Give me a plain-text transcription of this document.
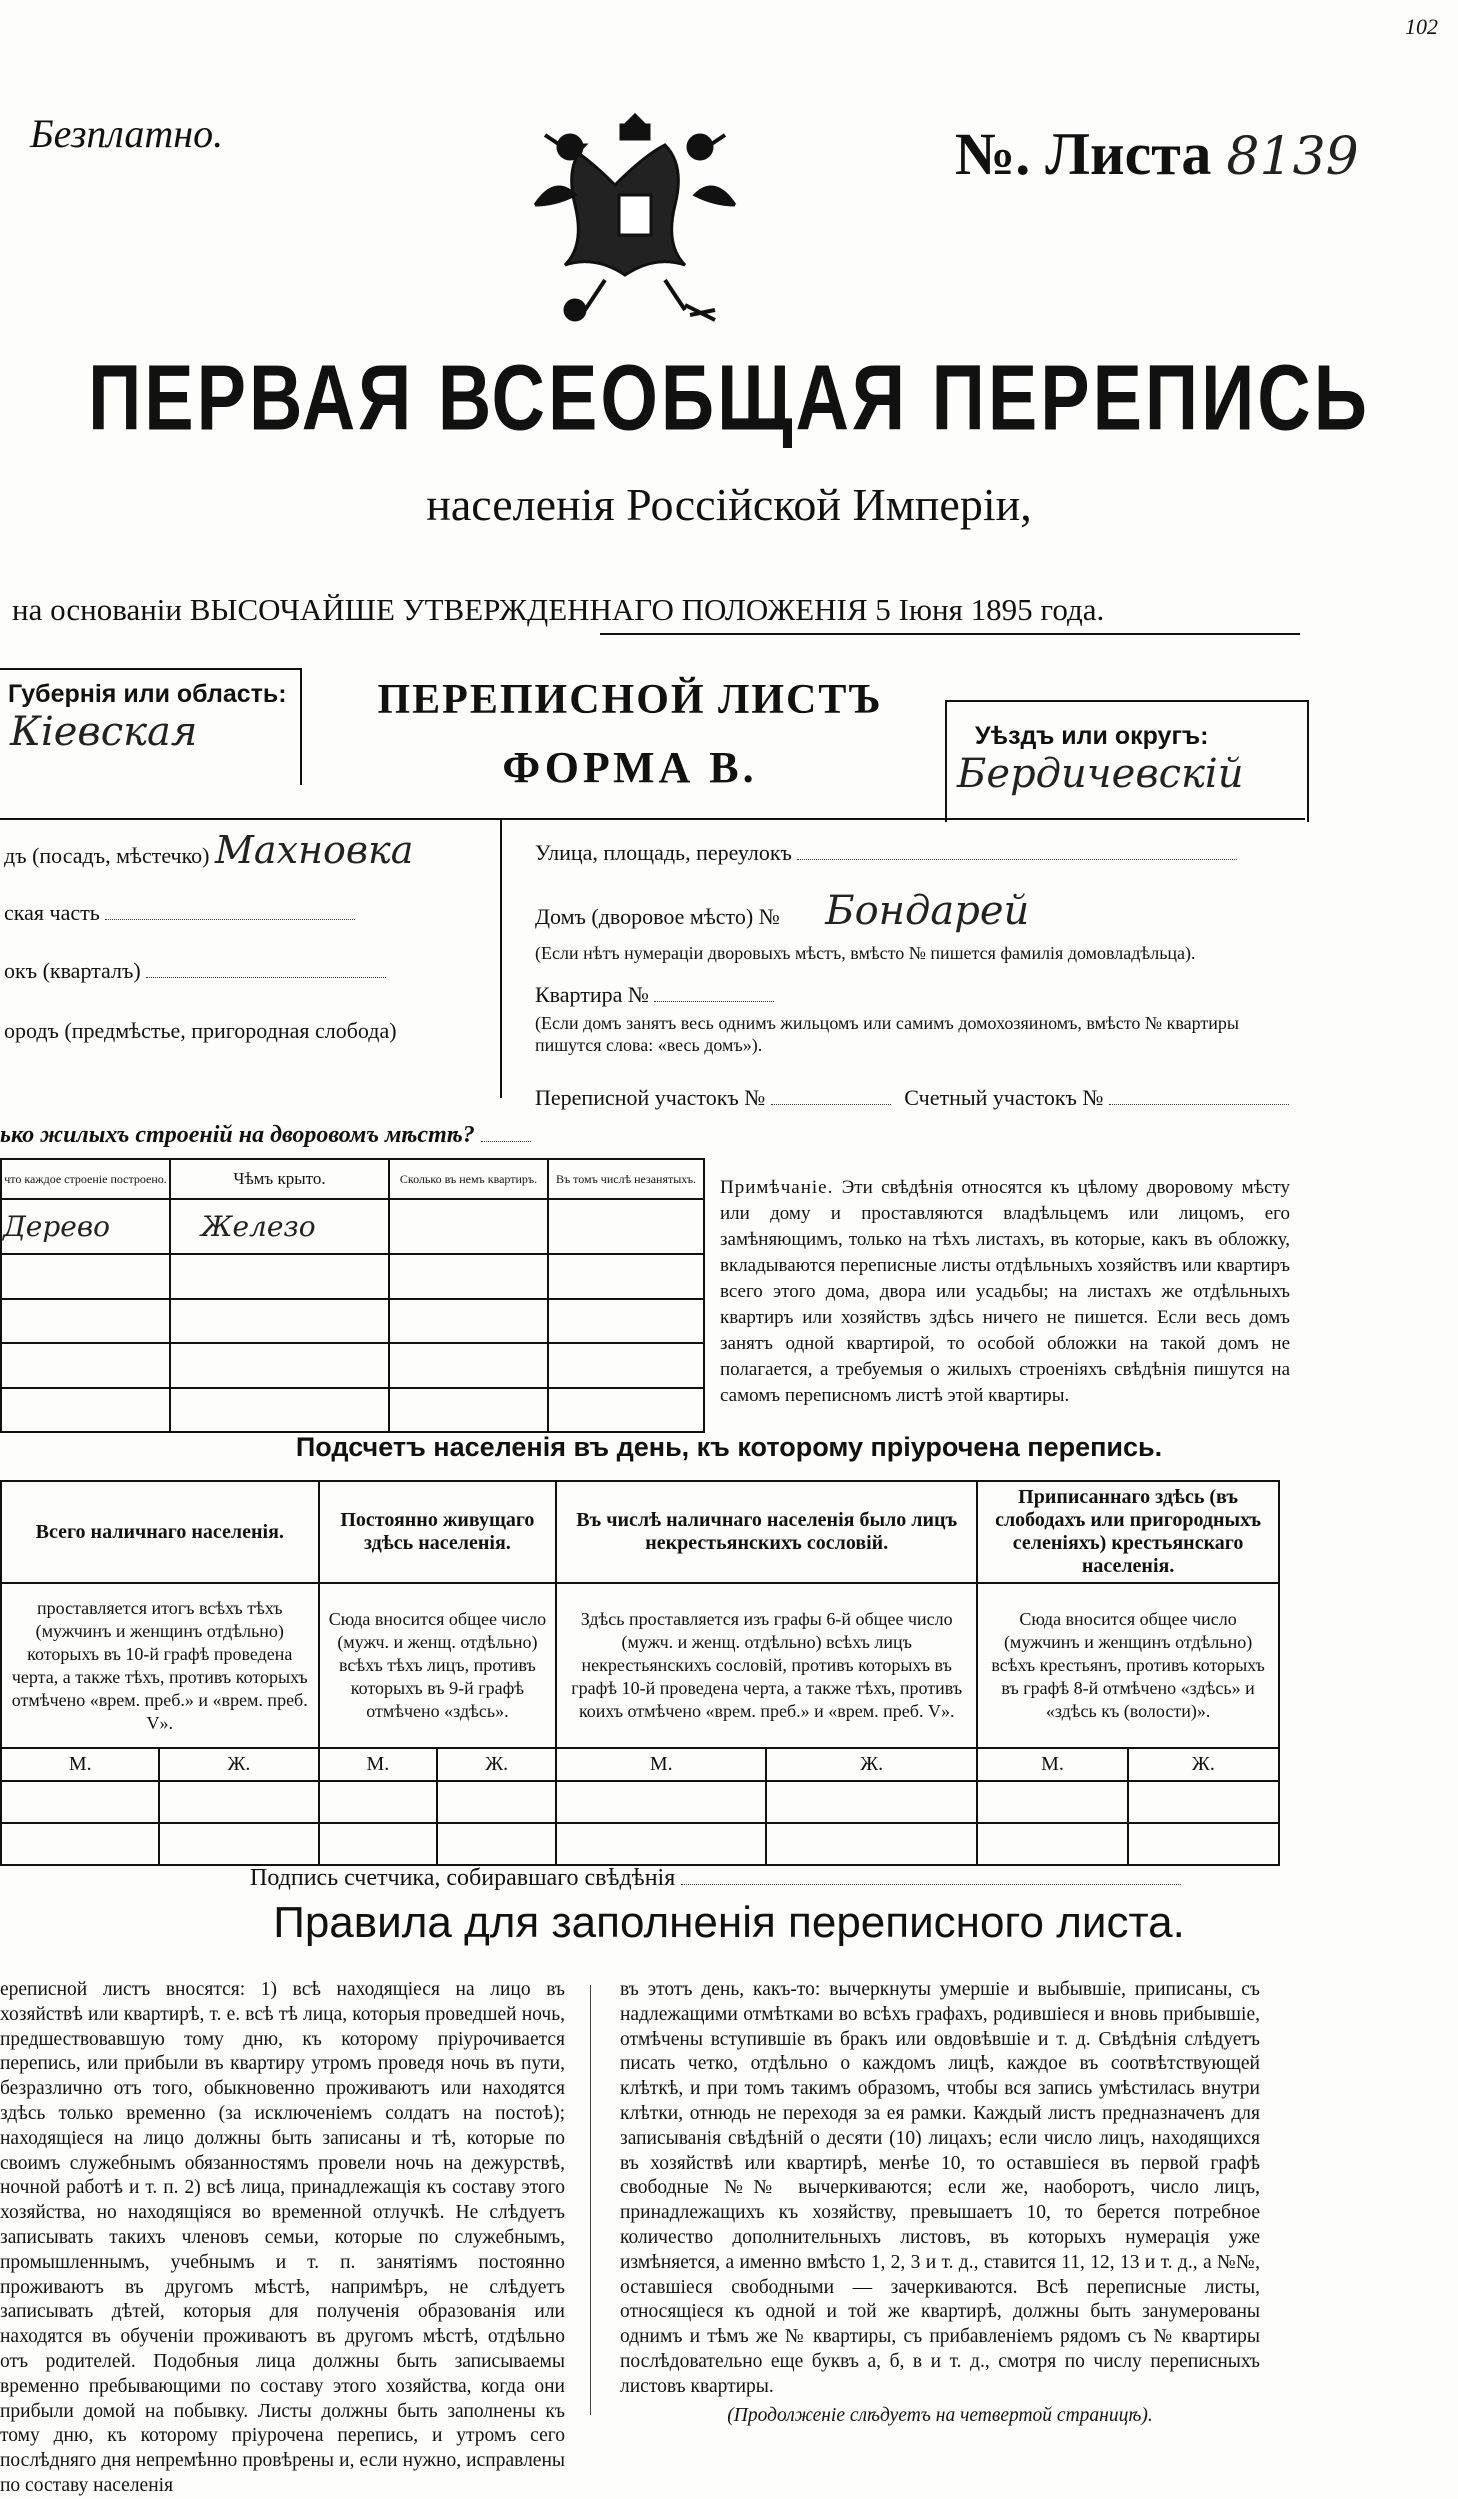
102
Безплатно.	№. Листа 8139
ПЕРВАЯ ВСЕОБЩАЯ ПЕРЕПИСЬ
населенія Россійской Имперіи,
на основаніи ВЫСОЧАЙШЕ УТВЕРЖДЕННАГО ПОЛОЖЕНІЯ 5 Іюня 1895 года.
Губернія или область:
Кіевская
ПЕРЕПИСНОЙ ЛИСТЪ
ФОРМА В.
Уѣздъ или округъ:
Бердичевскій
дъ (посадъ, мѣстечко) Махновка
ская часть
окъ (кварталъ)
ородъ (предмѣстье, пригородная слобода)
Улица, площадь, переулокъ
Домъ (дворовое мѣсто) № Бондарей
(Если нѣтъ нумераціи дворовыхъ мѣстъ, вмѣсто № пишется фамилія домовладѣльца).
Квартира №
(Если домъ занятъ весь однимъ жильцомъ или самимъ домохозяиномъ, вмѣсто № квартиры пишутся слова: «весь домъ»).
Переписной участокъ №	Счетный участокъ №
ько жилыхъ строеній на дворовомъ мѣстѣ?
что каждое строеніе построено.	Чѣмъ крыто.	Сколько въ немъ квартиръ.	Въ томъ числѣ незанятыхъ.
Дерево	Железо		

Примѣчаніе. Эти свѣдѣнія относятся къ цѣлому дворовому мѣсту или дому и проставляются владѣльцемъ или лицомъ, его замѣняющимъ, только на тѣхъ листахъ, въ которые, какъ въ обложку, вкладываются переписные листы отдѣльныхъ хозяйствъ или квартиръ всего этого дома, двора или усадьбы; на листахъ же отдѣльныхъ квартиръ или хозяйствъ здѣсь ничего не пишется. Если весь домъ занятъ одной квартирой, то особой обложки на такой домъ не полагается, а требуемыя о жилыхъ строеніяхъ свѣдѣнія пишутся на самомъ переписномъ листѣ этой квартиры.
Подсчетъ населенія въ день, къ которому пріурочена перепись.
Всего наличнаго населенія.		Постоянно живущаго здѣсь населенія.		Въ числѣ наличнаго населенія было лицъ некрестьянскихъ сословій.		Приписаннаго здѣсь (въ слободахъ или пригородныхъ селеніяхъ) крестьянскаго населенія.	
проставляется итогъ всѣхъ тѣхъ (мужчинъ и женщинъ отдѣльно) которыхъ въ 10-й графѣ проведена черта, а также тѣхъ, противъ которыхъ отмѣчено «врем. преб.» и «врем. преб. V».		Сюда вносится общее число (мужч. и женщ. отдѣльно) всѣхъ тѣхъ лицъ, противъ которыхъ въ 9-й графѣ отмѣчено «здѣсь».		Здѣсь проставляется изъ графы 6-й общее число (мужч. и женщ. отдѣльно) всѣхъ лицъ некрестьянскихъ сословій, противъ которыхъ въ графѣ 10-й проведена черта, а также тѣхъ, противъ коихъ отмѣчено «врем. преб.» и «врем. преб. V».		Сюда вносится общее число (мужчинъ и женщинъ отдѣльно) всѣхъ крестьянъ, противъ которыхъ въ графѣ 8-й отмѣчено «здѣсь» и «здѣсь къ (волости)».	
М.	Ж.	М.	Ж.	М.	Ж.	М.	Ж.

Подпись счетчика, собиравшаго свѣдѣнія
Правила для заполненія переписного листа.
ереписной листъ вносятся: 1) всѣ находящіеся на лицо въ хозяйствѣ или квартирѣ, т. е. всѣ тѣ лица, которыя проведшей ночь, предшествовавшую тому дню, къ которому пріурочивается перепись, или прибыли въ квартиру утромъ проведя ночь въ пути, безразлично отъ того, обыкновенно проживаютъ или находятся здѣсь только временно (за исключеніемъ солдатъ на постоѣ); находящіеся на лицо должны быть записаны и тѣ, которые по своимъ служебнымъ обязанностямъ провели ночь на дежурствѣ, ночной работѣ и т. п. 2) всѣ лица, принадлежащія къ составу этого хозяйства, но находящіяся во временной отлучкѣ. Не слѣдуетъ записывать такихъ членовъ семьи, которые по служебнымъ, промышленнымъ, учебнымъ и т. п. занятіямъ постоянно проживаютъ въ другомъ мѣстѣ, напримѣръ, не слѣдуетъ записывать дѣтей, которыя для полученія образованія или находятся въ обученіи проживаютъ въ другомъ мѣстѣ, отдѣльно отъ родителей. Подобныя лица должны быть записываемы временно пребывающими по составу этого хозяйства, когда они прибыли домой на побывку. Листы должны быть заполнены къ тому дню, къ которому пріурочена перепись, и утромъ сего послѣдняго дня непремѣнно провѣрены и, если нужно, исправлены по составу населенія
въ этотъ день, какъ-то: вычеркнуты умершіе и выбывшіе, приписаны, съ надлежащими отмѣтками во всѣхъ графахъ, родившіеся и вновь прибывшіе, отмѣчены вступившіе въ бракъ или овдовѣвшіе и т. д. Свѣдѣнія слѣдуетъ писать четко, отдѣльно о каждомъ лицѣ, каждое въ соотвѣтствующей клѣткѣ, и при томъ такимъ образомъ, чтобы вся запись умѣстилась внутри клѣтки, отнюдь не переходя за ея рамки. Каждый листъ предназначенъ для записыванія свѣдѣній о десяти (10) лицахъ; если число лицъ, находящихся въ хозяйствѣ или квартирѣ, менѣе 10, то оставшіеся въ первой графѣ свободные №№ вычеркиваются; если же, наоборотъ, число лицъ, принадлежащихъ къ хозяйству, превышаетъ 10, то берется потребное количество дополнительныхъ листовъ, въ которыхъ нумерація уже измѣняется, а именно вмѣсто 1, 2, 3 и т. д., ставится 11, 12, 13 и т. д., а №№, оставшіеся свободными — зачеркиваются. Всѣ переписные листы, относящіеся къ одной и той же квартирѣ, должны быть занумерованы однимъ и тѣмъ же № квартиры, съ прибавленіемъ рядомъ съ № квартиры послѣдовательно еще буквъ а, б, в и т. д., смотря по числу переписныхъ листовъ квартиры.
(Продолженіе слѣдуетъ на четвертой страницѣ).
